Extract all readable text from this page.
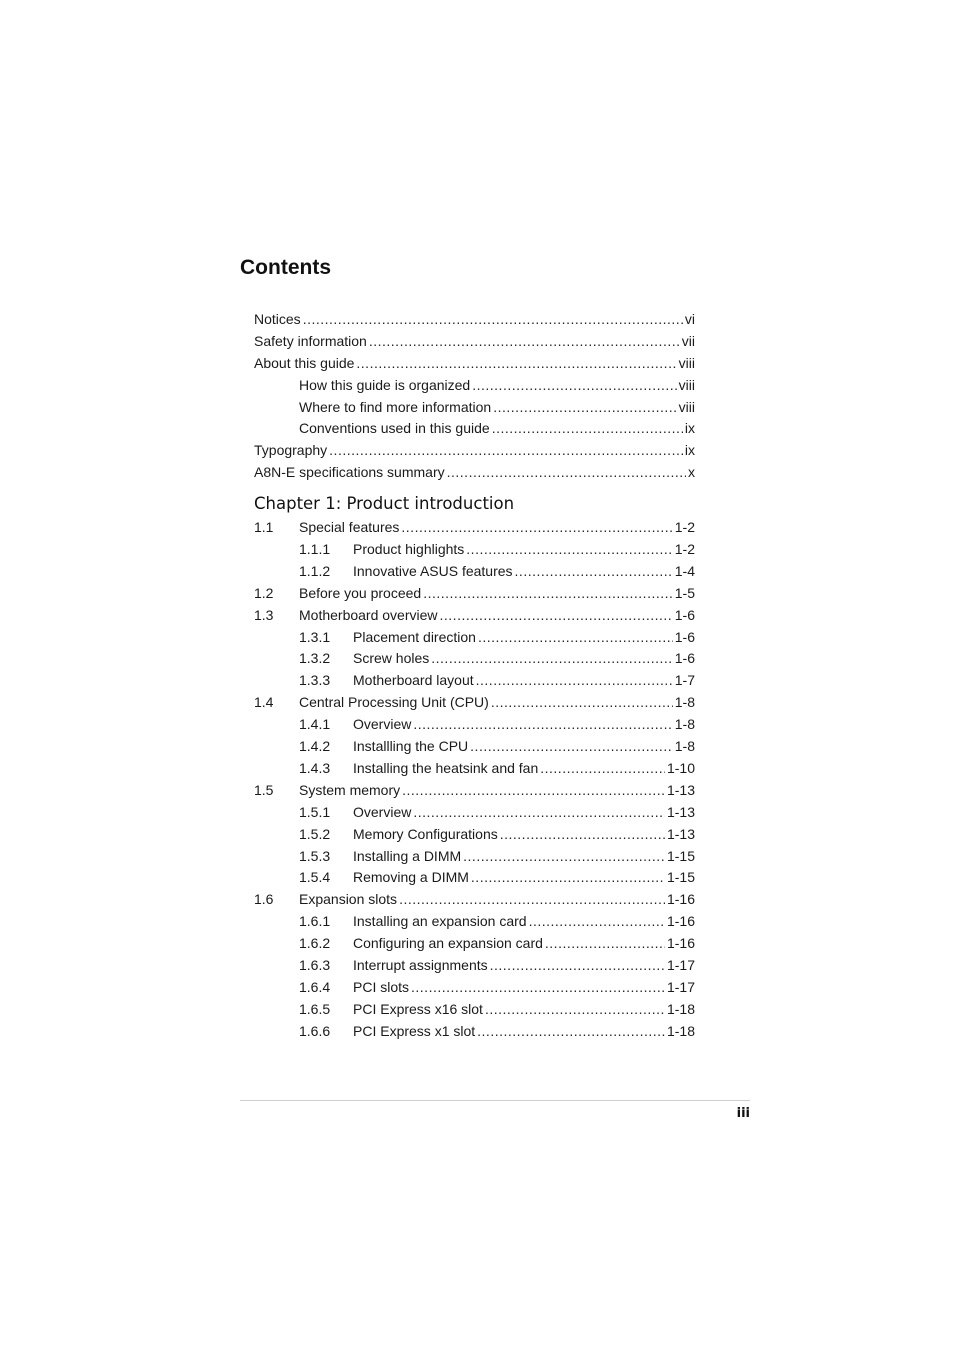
Contents
Notices .....	vi
Safety information .....	vii
About this guide .....	viii
How this guide is organized .....	viii
Where to find more information .....	viii
Conventions used in this guide .....	ix
Typography .....	ix
A8N-E specifications summary .....	x
Chapter 1: Product introduction
1.1	Special features .....	1-2
1.1.1	Product highlights .....	1-2
1.1.2	Innovative ASUS features .....	1-4
1.2	Before you proceed .....	1-5
1.3	Motherboard overview .....	1-6
1.3.1	Placement direction .....	1-6
1.3.2	Screw holes .....	1-6
1.3.3	Motherboard layout .....	1-7
1.4	Central Processing Unit (CPU) .....	1-8
1.4.1	Overview .....	1-8
1.4.2	Installling the CPU .....	1-8
1.4.3	Installing the heatsink and fan .....	1-10
1.5	System memory .....	1-13
1.5.1	Overview .....	1-13
1.5.2	Memory Configurations .....	1-13
1.5.3	Installing a DIMM .....	1-15
1.5.4	Removing a DIMM .....	1-15
1.6	Expansion slots .....	1-16
1.6.1	Installing an expansion card .....	1-16
1.6.2	Configuring an expansion card .....	1-16
1.6.3	Interrupt assignments .....	1-17
1.6.4	PCI slots .....	1-17
1.6.5	PCI Express x16 slot .....	1-18
1.6.6	PCI Express x1 slot .....	1-18
iii
